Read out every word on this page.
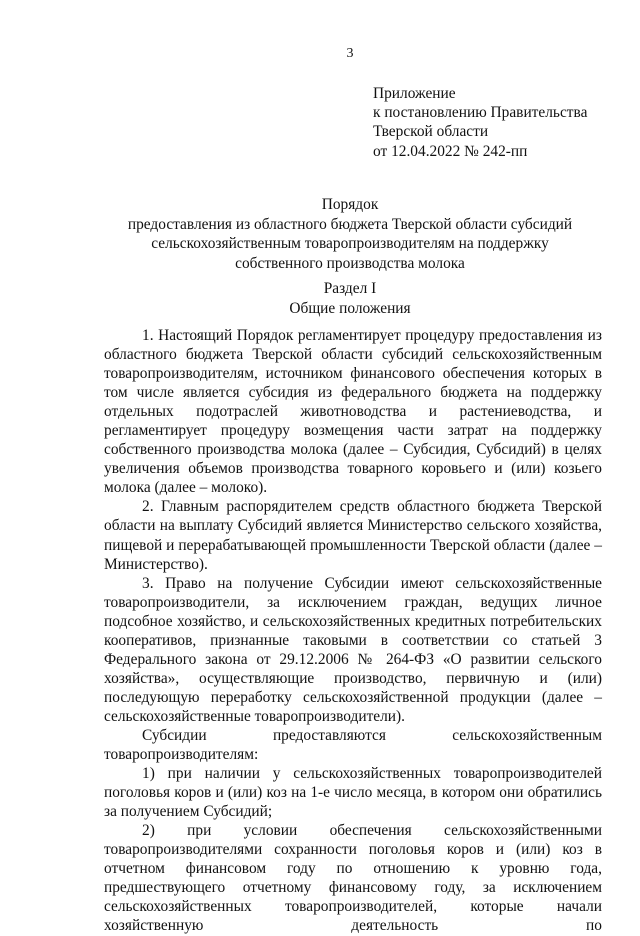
3
Приложение
к постановлению Правительства
Тверской области
от 12.04.2022 № 242-пп
Порядок
предоставления из областного бюджета Тверской области субсидий
сельскохозяйственным товаропроизводителям на поддержку
собственного производства молока
Раздел I
Общие положения

1. Настоящий Порядок регламентирует процедуру предоставления из областного бюджета Тверской области субсидий сельскохозяйственным товаропроизводителям, источником финансового обеспечения которых в том числе является субсидия из федерального бюджета на поддержку отдельных подотраслей животноводства и растениеводства, и регламентирует процедуру возмещения части затрат на поддержку собственного производства молока (далее – Субсидия, Субсидий) в целях увеличения объемов производства товарного коровьего и (или) козьего молока (далее – молоко).

2. Главным распорядителем средств областного бюджета Тверской области на выплату Субсидий является Министерство сельского хозяйства, пищевой и перерабатывающей промышленности Тверской области (далее – Министерство).

3. Право на получение Субсидии имеют сельскохозяйственные товаропроизводители, за исключением граждан, ведущих личное подсобное хозяйство, и сельскохозяйственных кредитных потребительских кооперативов, признанные таковыми в соответствии со статьей 3 Федерального закона от 29.12.2006 № 264-ФЗ «О развитии сельского хозяйства», осуществляющие производство, первичную и (или) последующую переработку сельскохозяйственной продукции (далее – сельскохозяйственные товаропроизводители).

Субсидии предоставляются сельскохозяйственным товаропроизводителям:

1) при наличии у сельскохозяйственных товаропроизводителей поголовья коров и (или) коз на 1-е число месяца, в котором они обратились за получением Субсидий;

2) при условии обеспечения сельскохозяйственными товаропроизводителями сохранности поголовья коров и (или) коз в отчетном финансовом году по отношению к уровню года, предшествующего отчетному финансовому году, за исключением сельскохозяйственных товаропроизводителей, которые начали хозяйственную деятельность по
